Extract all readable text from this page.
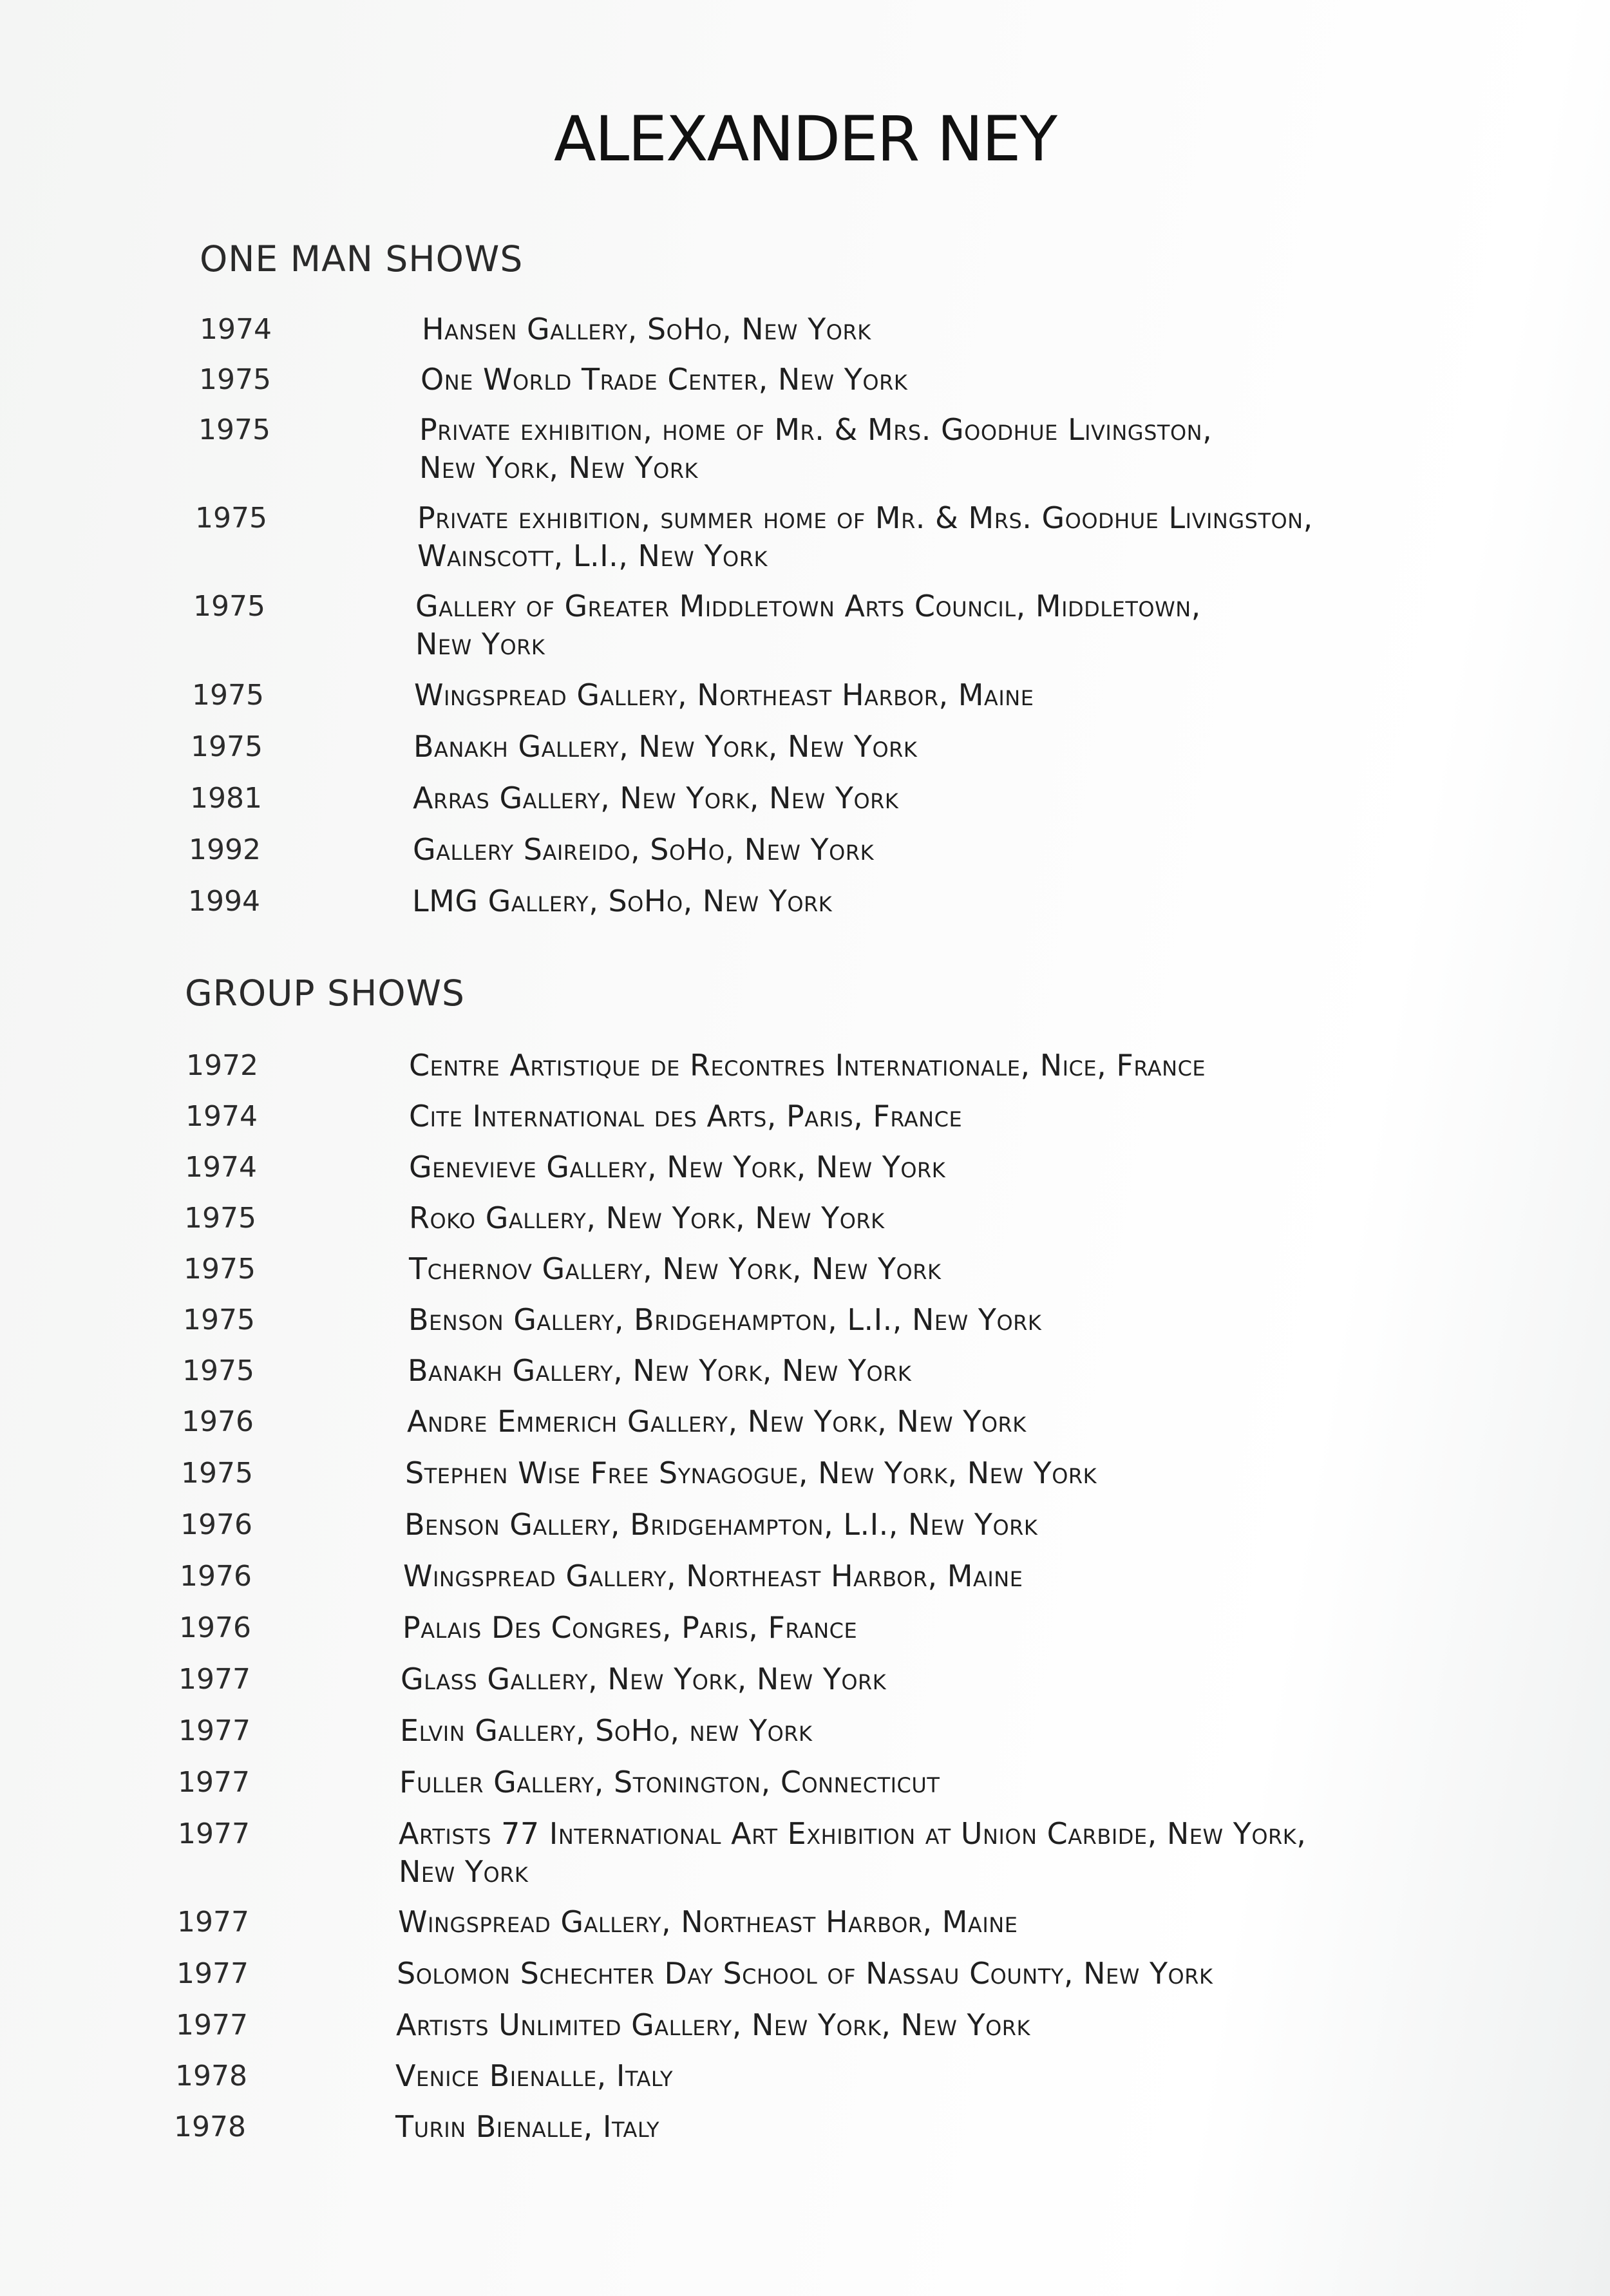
ALEXANDER NEY
ONE MAN SHOWS
GROUP SHOWS
1974	Hansen Gallery, SoHo, New York
1975	One World Trade Center, New York
1975	Private exhibition, home of Mr. & Mrs. Goodhue Livingston,
New York, New York
1975	Private exhibition, summer home of Mr. & Mrs. Goodhue Livingston,
Wainscott, L.I., New York
1975	Gallery of Greater Middletown Arts Council, Middletown,
New York
1975	Wingspread Gallery, Northeast Harbor, Maine
1975	Banakh Gallery, New York, New York
1981	Arras Gallery, New York, New York
1992	Gallery Saireido, SoHo, New York
1994	LMG Gallery, SoHo, New York
1972	Centre Artistique de Recontres Internationale, Nice, France
1974	Cite International des Arts, Paris, France
1974	Genevieve Gallery, New York, New York
1975	Roko Gallery, New York, New York
1975	Tchernov Gallery, New York, New York
1975	Benson Gallery, Bridgehampton, L.I., New York
1975	Banakh Gallery, New York, New York
1976	Andre Emmerich Gallery, New York, New York
1975	Stephen Wise Free Synagogue, New York, New York
1976	Benson Gallery, Bridgehampton, L.I., New York
1976	Wingspread Gallery, Northeast Harbor, Maine
1976	Palais Des Congres, Paris, France
1977	Glass Gallery, New York, New York
1977	Elvin Gallery, SoHo, new York
1977	Fuller Gallery, Stonington, Connecticut
1977	Artists 77 International Art Exhibition at Union Carbide, New York,
New York
1977	Wingspread Gallery, Northeast Harbor, Maine
1977	Solomon Schechter Day School of Nassau County, New York
1977	Artists Unlimited Gallery, New York, New York
1978	Venice Bienalle, Italy
1978	Turin Bienalle, Italy
